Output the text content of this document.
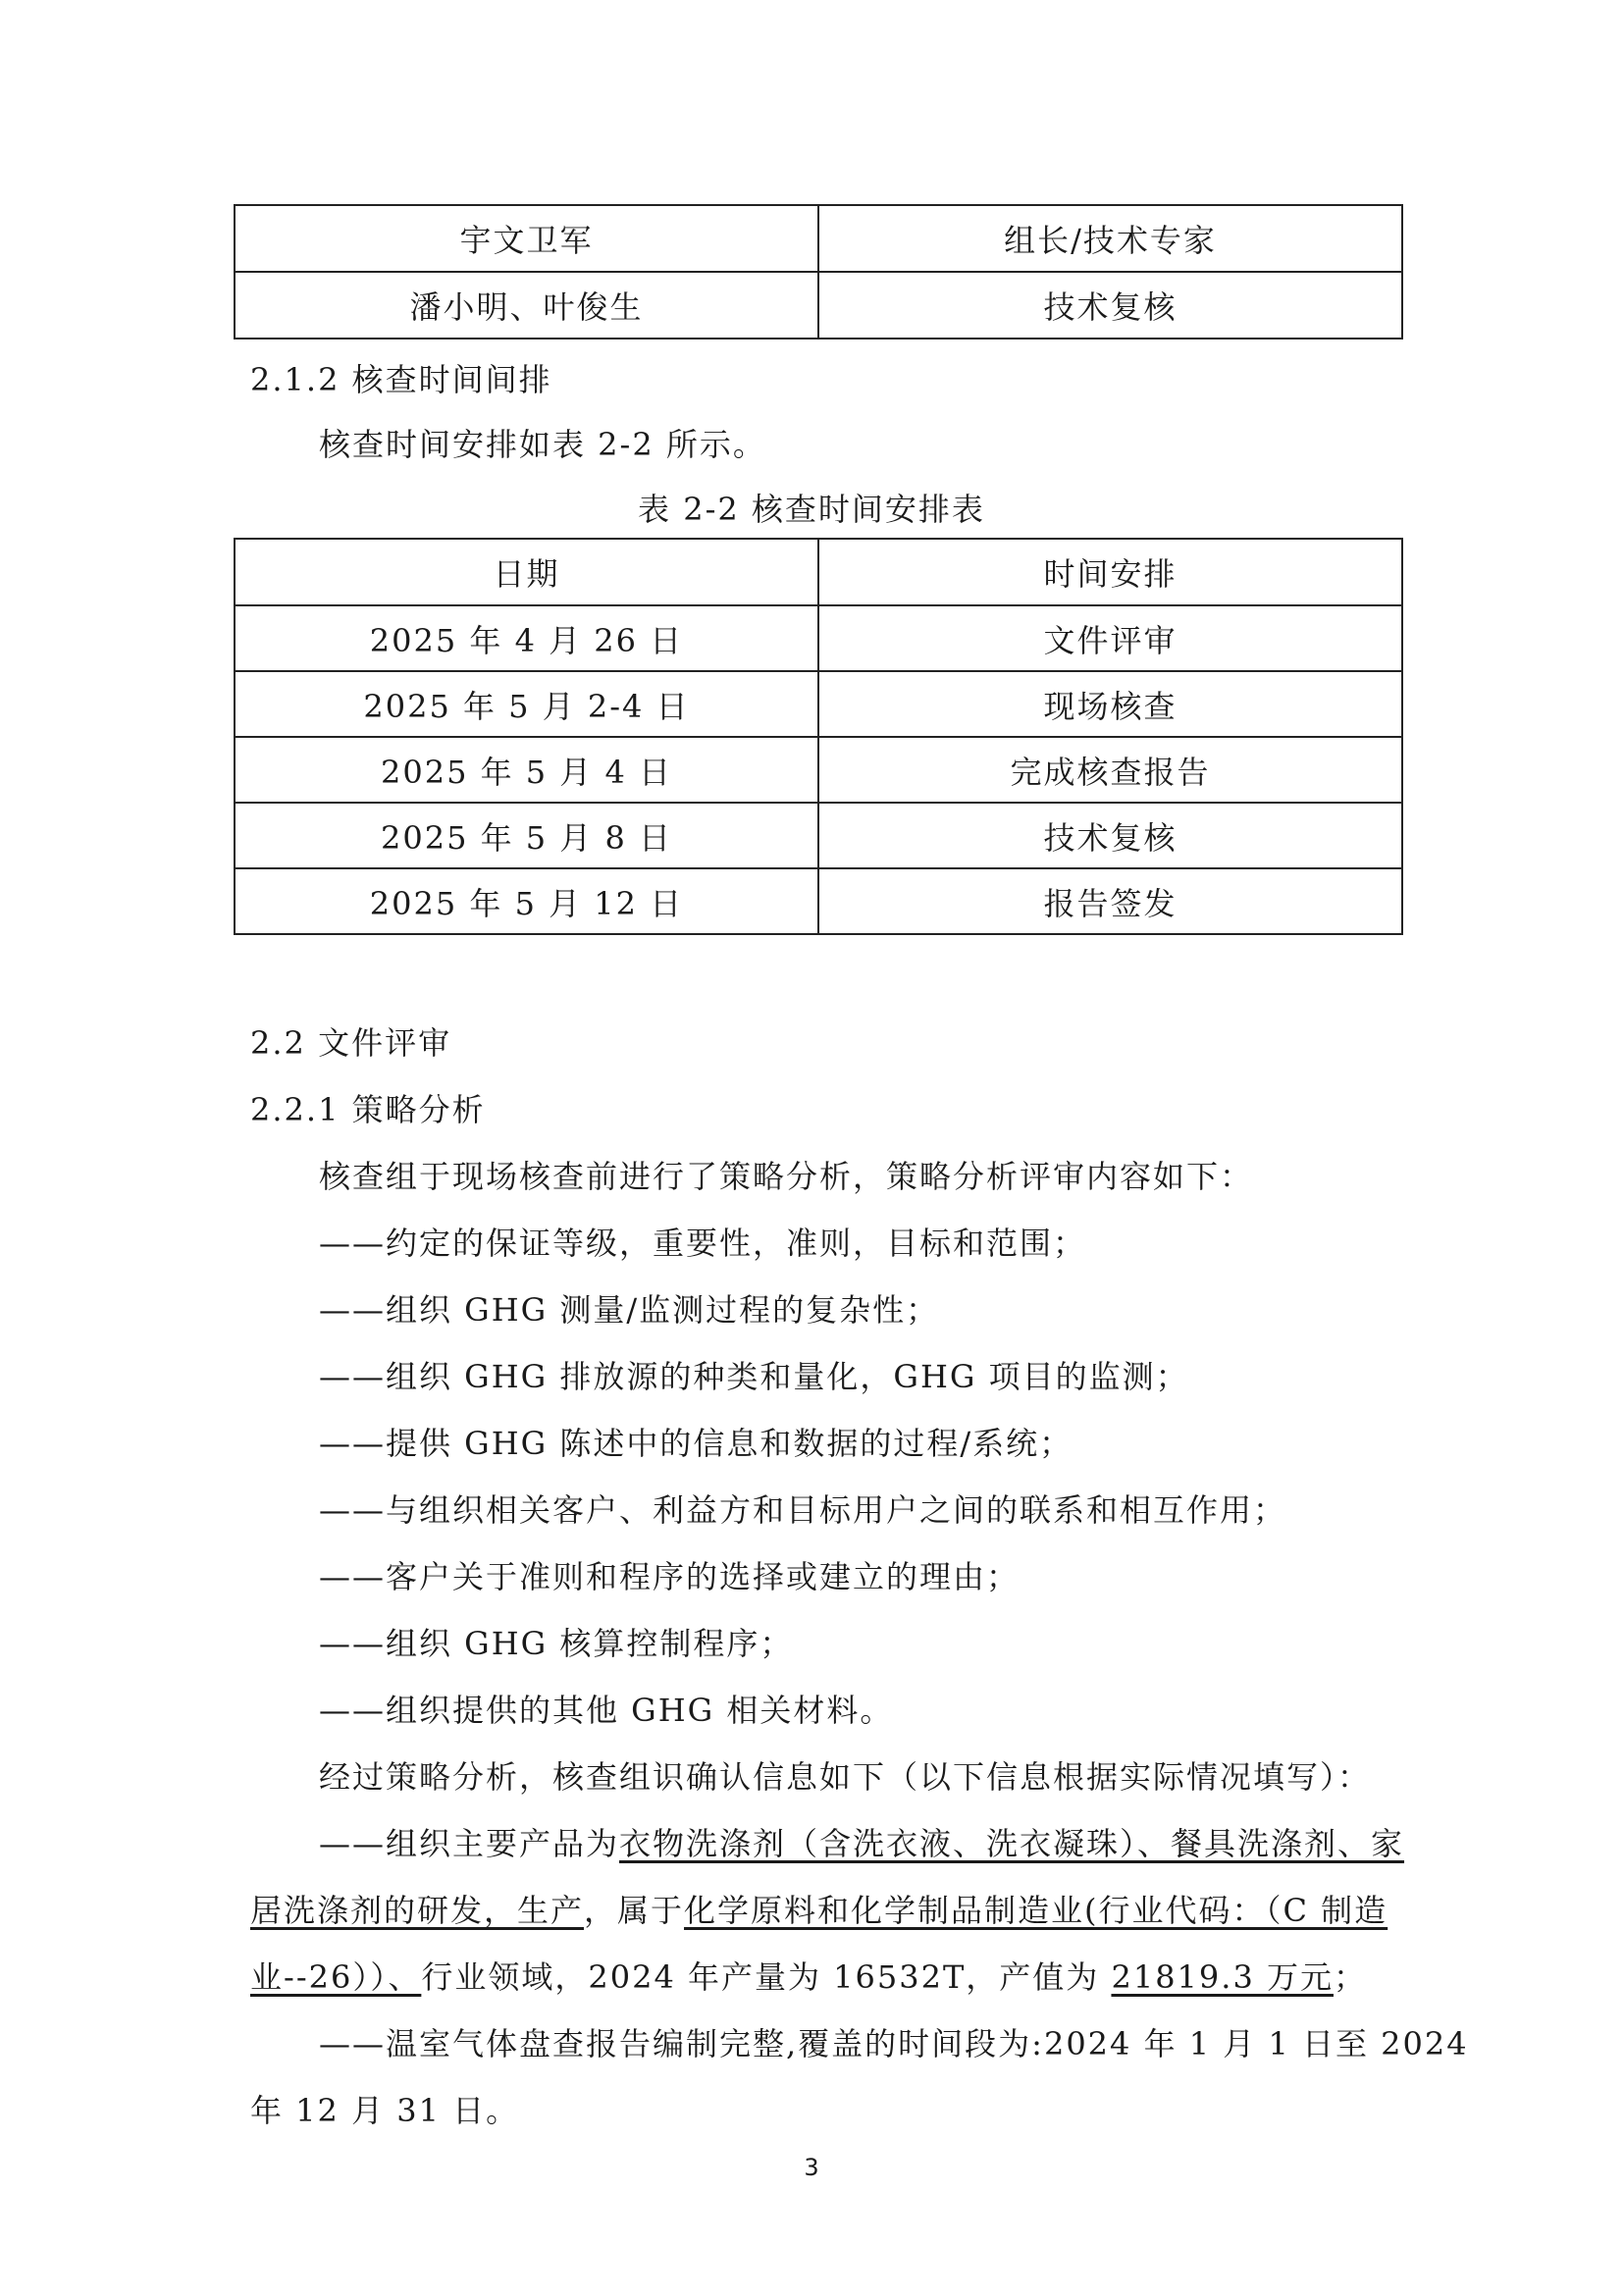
宇文卫军	组长/技术专家
潘小明、叶俊生	技术复核
2.1.2 核查时间间排
核查时间安排如表 2-2 所示。
表 2-2 核查时间安排表
日期	时间安排
2025 年 4 月 26 日	文件评审
2025 年 5 月 2-4 日	现场核查
2025 年 5 月 4 日	完成核查报告
2025 年 5 月 8 日	技术复核
2025 年 5 月 12 日	报告签发
2.2 文件评审
2.2.1 策略分析
核查组于现场核查前进行了策略分析，策略分析评审内容如下：
——约定的保证等级，重要性，准则，目标和范围；
——组织 GHG 测量/监测过程的复杂性；
——组织 GHG 排放源的种类和量化，GHG 项目的监测；
——提供 GHG 陈述中的信息和数据的过程/系统；
——与组织相关客户、利益方和目标用户之间的联系和相互作用；
——客户关于准则和程序的选择或建立的理由；
——组织 GHG 核算控制程序；
——组织提供的其他 GHG 相关材料。
经过策略分析，核查组识确认信息如下（以下信息根据实际情况填写）：
——组织主要产品为衣物洗涤剂（含洗衣液、洗衣凝珠）、餐具洗涤剂、家
居洗涤剂的研发，生产，属于化学原料和化学制品制造业(行业代码：（C 制造
业--26））、行业领域，2024 年产量为 16532T，产值为 21819.3 万元；
——温室气体盘查报告编制完整,覆盖的时间段为:2024 年 1 月 1 日至 2024
年 12 月 31 日。
3
